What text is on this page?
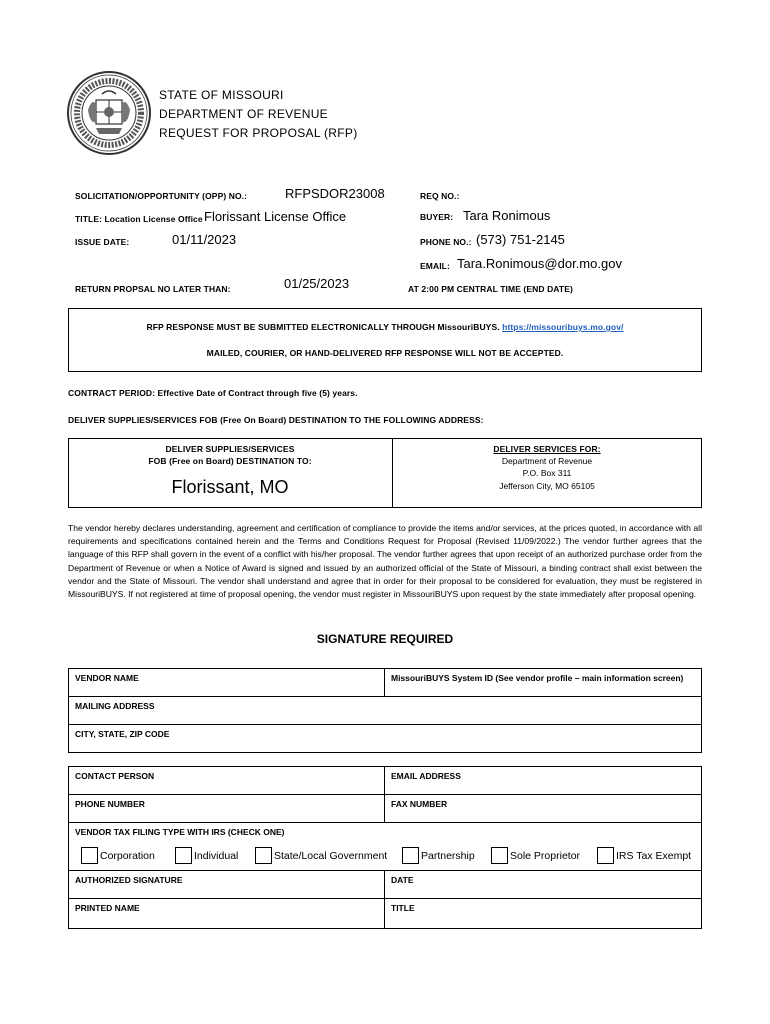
STATE OF MISSOURI
DEPARTMENT OF REVENUE
REQUEST FOR PROPOSAL (RFP)
SOLICITATION/OPPORTUNITY (OPP) NO.:	RFPSDOR23008	REQ NO.:
TITLE: Location License Office Florissant License Office	BUYER: Tara Ronimous
ISSUE DATE:	01/11/2023	PHONE NO.: (573) 751-2145
EMAIL: Tara.Ronimous@dor.mo.gov
RETURN PROPSAL NO LATER THAN:	01/25/2023	AT 2:00 PM CENTRAL TIME (END DATE)
RFP RESPONSE MUST BE SUBMITTED ELECTRONICALLY THROUGH MissouriBUYS. https://missouribuys.mo.gov/
MAILED, COURIER, OR HAND-DELIVERED RFP RESPONSE WILL NOT BE ACCEPTED.
CONTRACT PERIOD: Effective Date of Contract through five (5) years.
DELIVER SUPPLIES/SERVICES FOB (Free On Board) DESTINATION TO THE FOLLOWING ADDRESS:
DELIVER SUPPLIES/SERVICES
FOB (Free on Board) DESTINATION TO:
Florissant, MO
DELIVER SERVICES FOR:
Department of Revenue
P.O. Box 311
Jefferson City, MO 65105
The vendor hereby declares understanding, agreement and certification of compliance to provide the items and/or services, at the prices quoted, in accordance with all requirements and specifications contained herein and the Terms and Conditions Request for Proposal (Revised 11/09/2022.) The vendor further agrees that the language of this RFP shall govern in the event of a conflict with his/her proposal. The vendor further agrees that upon receipt of an authorized purchase order from the Department of Revenue or when a Notice of Award is signed and issued by an authorized official of the State of Missouri, a binding contract shall exist between the vendor and the State of Missouri. The vendor shall understand and agree that in order for their proposal to be considered for evaluation, they must be registered in MissouriBUYS. If not registered at time of proposal opening, the vendor must register in MissouriBUYS upon request by the state immediately after proposal opening.
SIGNATURE REQUIRED
VENDOR NAME	MissouriBUYS System ID (See vendor profile – main information screen)
MAILING ADDRESS
CITY, STATE, ZIP CODE
CONTACT PERSON	EMAIL ADDRESS
PHONE NUMBER	FAX NUMBER
VENDOR TAX FILING TYPE WITH IRS (CHECK ONE)	
AUTHORIZED SIGNATURE	DATE
PRINTED NAME	TITLE
Corporation	Individual	State/Local Government	Partnership	Sole Proprietor	IRS Tax Exempt
